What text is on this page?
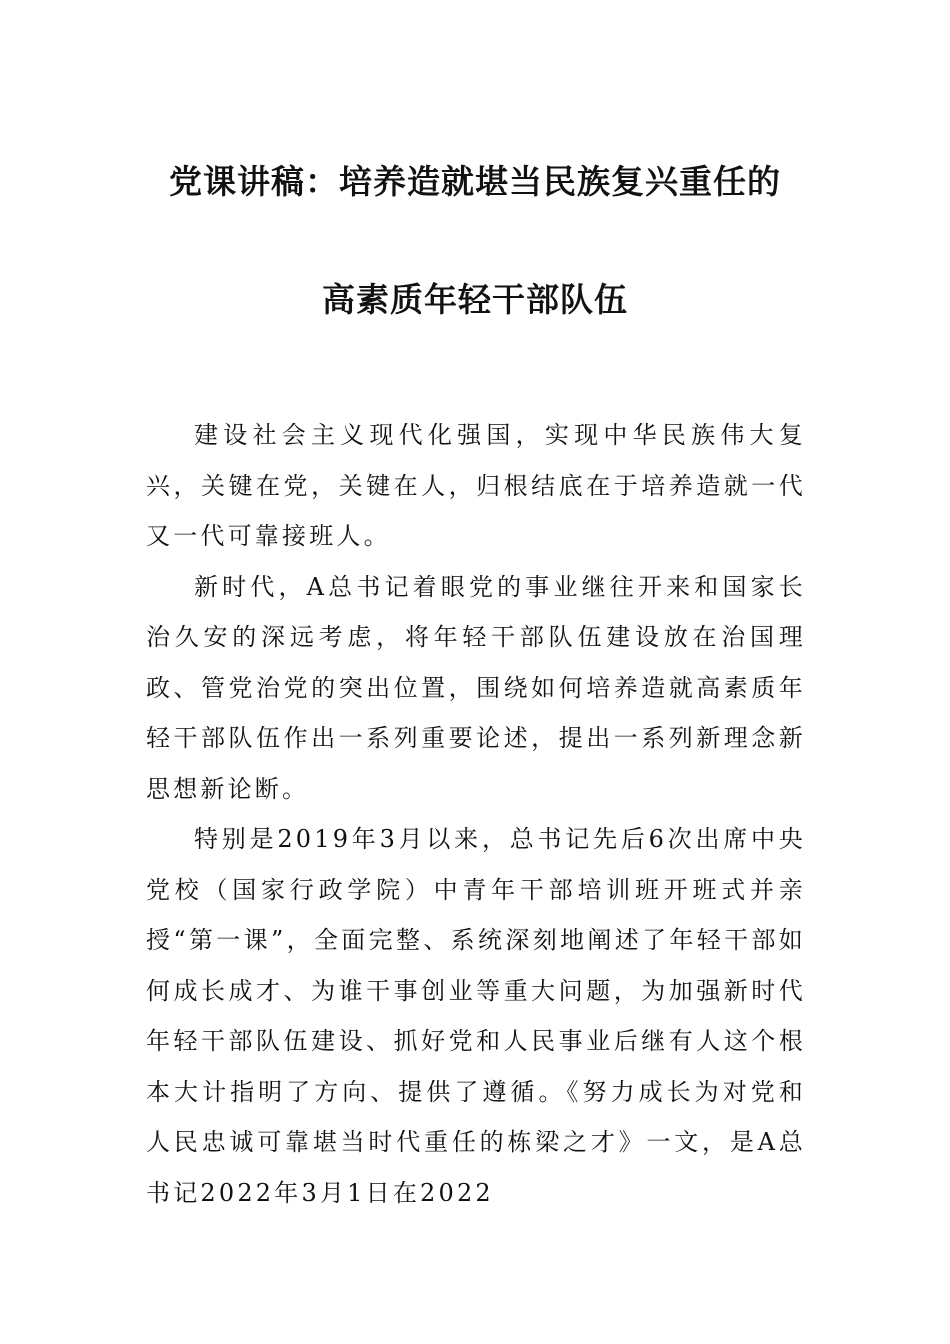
党课讲稿：培养造就堪当民族复兴重任的
高素质年轻干部队伍

建设社会主义现代化强国，实现中华民族伟大复兴，关键在党，关键在人，归根结底在于培养造就一代又一代可靠接班人。

新时代，A总书记着眼党的事业继往开来和国家长治久安的深远考虑，将年轻干部队伍建设放在治国理政、管党治党的突出位置，围绕如何培养造就高素质年轻干部队伍作出一系列重要论述，提出一系列新理念新思想新论断。

特别是2019年3月以来，总书记先后6次出席中央党校（国家行政学院）中青年干部培训班开班式并亲授“第一课”，全面完整、系统深刻地阐述了年轻干部如何成长成才、为谁干事创业等重大问题，为加强新时代年轻干部队伍建设、抓好党和人民事业后继有人这个根本大计指明了方向、提供了遵循。《努力成长为对党和人民忠诚可靠堪当时代重任的栋梁之才》一文，是A总书记2022年3月1日在2022
